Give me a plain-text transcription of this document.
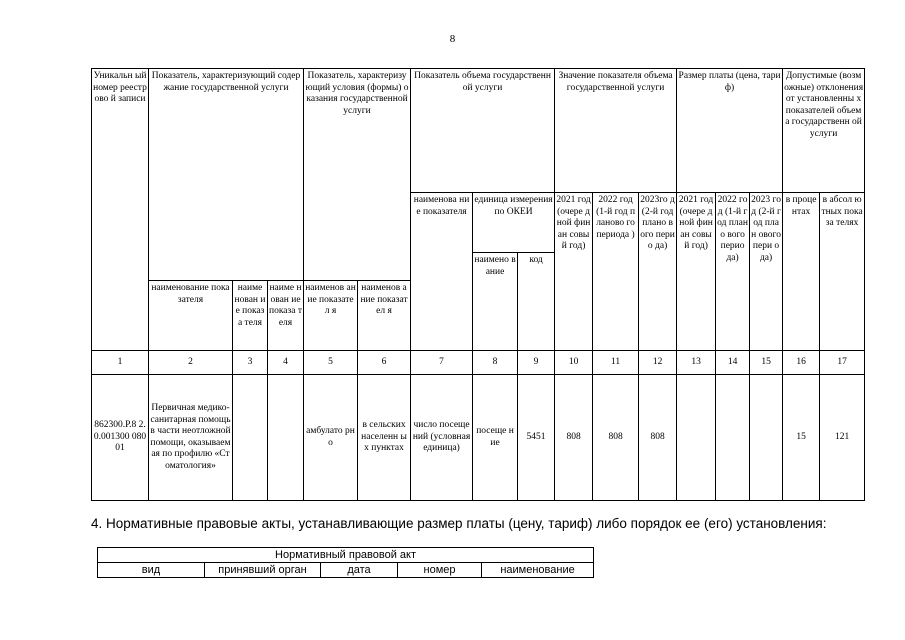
8
Уникальн ый номер реестрово й записи	Показатель, характеризующий содержание государственной услуги			Показатель, характеризующий условия (формы) оказания государственной услуги		Показатель объема государственной услуги			Значение показателя объема государственной услуги			Размер платы (цена, тариф)			Допустимые (возможные) отклонения от установленны х показателей объема государственн ой услуги	
						наименова ние показателя	единица измерения по ОКЕИ		2021 год (очере дной финан совый год)	2022 год (1-й год планово го периода )	2023го д (2-й год плано вого перио да)	2021 год (очере дной финан совый год)	2022 год (1-й год плано вого перио да)	2023 год (2-й год план ового пери ода)	в проце нтах	в абсол ютных показа телях
							наимено вание	код								
	наименование показателя	наиме нован ие показа теля	наиме нован ие показа теля	наименов ание показател я	наименов ание показател я											
1	2	3	4	5	6	7	8	9	10	11	12	13	14	15	16	17
862300.Р.8 2.0.001300 08001	Первичная медико-санитарная помощь в части неотложной помощи, оказываемая по профилю «Стоматология»			амбулато рно	в сельских населенн ых пунктах	число посещений (условная единица)	посеще ние	5451	808	808	808				15	121
4. Нормативные правовые акты, устанавливающие размер платы (цену, тариф) либо порядок ее (его) установления:
Нормативный правовой акт
вид	принявший орган	дата	номер	наименование
